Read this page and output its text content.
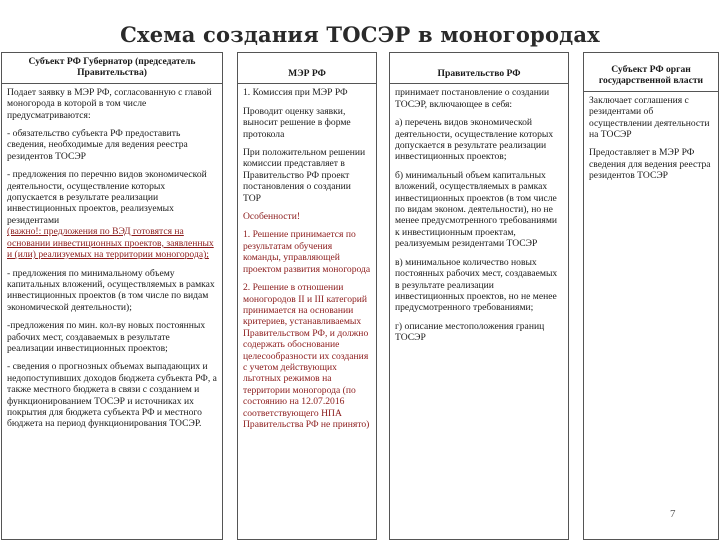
Схема создания ТОСЭР в моногородах
Субъект РФ Губернатор (председатель Правительства)

Подает заявку в МЭР РФ, согласованную с главой моногорода в которой в том числе предусматриваются:

- обязательство субъекта РФ предоставить сведения, необходимые для ведения реестра резидентов ТОСЭР

- предложения по перечню видов экономической деятельности, осуществление которых допускается в результате реализации инвестиционных проектов, реализуемых резидентами

(важно!: предложения по ВЭД готовятся на основании инвестиционных проектов, заявленных и (или) реализуемых на территории моногорода);

- предложения по минимальному объему капитальных вложений, осуществляемых в рамках инвестиционных проектов (в том числе по видам экономической деятельности);

-предложения по мин. кол-ву новых постоянных рабочих мест, создаваемых в результате реализации инвестиционных проектов;

- сведения о прогнозных объемах выпадающих и недопоступивших доходов бюджета субъекта РФ, а также местного бюджета в связи с созданием и функционированием ТОСЭР и источниках их покрытия для бюджета субъекта РФ и местного бюджета на период функционирования ТОСЭР.

МЭР РФ

1. Комиссия при МЭР РФ

Проводит оценку заявки, выносит решение в форме протокола

При положительном решении комиссии представляет в Правительство РФ проект постановления о создании ТОР

Особенности!

1. Решение принимается по результатам обучения команды, управляющей проектом развития моногорода

2. Решение в отношении моногородов II и III категорий принимается на основании критериев, устанавливаемых Правительством РФ, и должно содержать обоснование целесообразности их создания с учетом действующих льготных режимов на территории моногорода (по состоянию на 12.07.2016 соответствующего НПА Правительства РФ не принято)

Правительство РФ

принимает постановление о создании ТОСЭР, включающее в себя:

а) перечень видов экономической деятельности, осуществление которых допускается в результате реализации инвестиционных проектов;

б) минимальный объем капитальных вложений, осуществляемых в рамках инвестиционных проектов (в том числе по видам эконом. деятельности), но не менее предусмотренного требованиями к инвестиционным проектам, реализуемым резидентами ТОСЭР

в) минимальное количество новых постоянных рабочих мест, создаваемых в результате реализации инвестиционных проектов, но не менее предусмотренного требованиями;

г) описание местоположения границ ТОСЭР

Субъект РФ орган государственной власти

Заключает соглашения с резидентами об осуществлении деятельности на ТОСЭР

Предоставляет в МЭР РФ сведения для ведения реестра резидентов ТОСЭР

7
